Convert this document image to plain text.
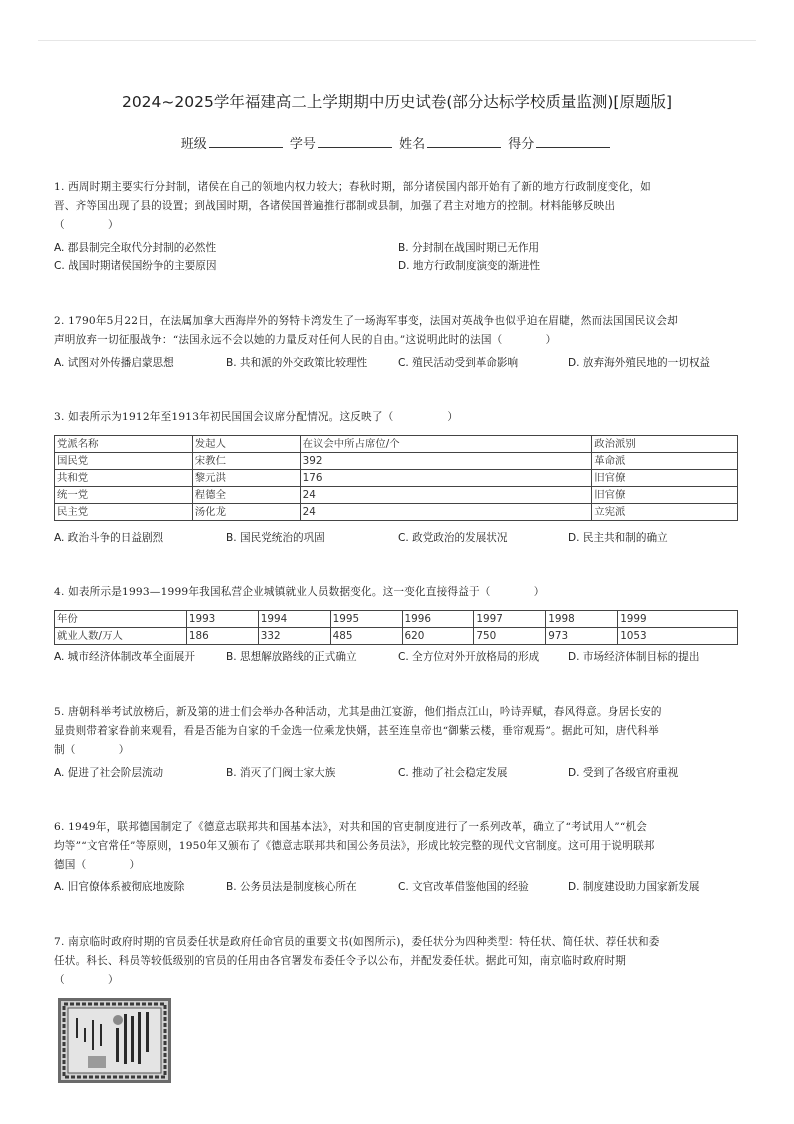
2024~2025学年福建高二上学期期中历史试卷(部分达标学校质量监测)[原题版]
班级	学号	姓名	得分
1. 西周时期主要实行分封制，诸侯在自己的领地内权力较大；春秋时期，部分诸侯国内部开始有了新的地方行政制度变化，如
晋、齐等国出现了县的设置；到战国时期，各诸侯国普遍推行郡制或县制，加强了君主对地方的控制。材料能够反映出
（　　　　）
A. 郡县制完全取代分封制的必然性	B. 分封制在战国时期已无作用
C. 战国时期诸侯国纷争的主要原因	D. 地方行政制度演变的渐进性
2. 1790年5月22日，在法属加拿大西海岸外的努特卡湾发生了一场海军事变，法国对英战争也似乎迫在眉睫，然而法国国民议会却
声明放弃一切征服战争：“法国永远不会以她的力量反对任何人民的自由。”这说明此时的法国（　　　　）
A. 试图对外传播启蒙思想	B. 共和派的外交政策比较理性	C. 殖民活动受到革命影响	D. 放弃海外殖民地的一切权益
3. 如表所示为1912年至1913年初民国国会议席分配情况。这反映了（　　　　　）
党派名称	发起人	在议会中所占席位/个	政治派别
国民党	宋教仁	392	革命派
共和党	黎元洪	176	旧官僚
统一党	程德全	24	旧官僚
民主党	汤化龙	24	立宪派
A. 政治斗争的日益剧烈	B. 国民党统治的巩固	C. 政党政治的发展状况	D. 民主共和制的确立
4. 如表所示是1993—1999年我国私营企业城镇就业人员数据变化。这一变化直接得益于（　　　　）
年份	1993	1994	1995	1996	1997	1998	1999
就业人数/万人	186	332	485	620	750	973	1053
A. 城市经济体制改革全面展开	B. 思想解放路线的正式确立	C. 全方位对外开放格局的形成	D. 市场经济体制目标的提出
5. 唐朝科举考试放榜后，新及第的进士们会举办各种活动，尤其是曲江宴游，他们指点江山，吟诗弄赋，春风得意。身居长安的
显贵则带着家眷前来观看，看是否能为自家的千金选一位乘龙快婿，甚至连皇帝也“御紫云楼，垂帘观焉”。据此可知，唐代科举
制（　　　　）
A. 促进了社会阶层流动	B. 消灭了门阀士家大族	C. 推动了社会稳定发展	D. 受到了各级官府重视
6. 1949年，联邦德国制定了《德意志联邦共和国基本法》，对共和国的官吏制度进行了一系列改革，确立了“考试用人”“机会
均等”“文官常任”等原则，1950年又颁布了《德意志联邦共和国公务员法》，形成比较完整的现代文官制度。这可用于说明联邦
德国（　　　　）
A. 旧官僚体系被彻底地废除	B. 公务员法是制度核心所在	C. 文官改革借鉴他国的经验	D. 制度建设助力国家新发展
7. 南京临时政府时期的官员委任状是政府任命官员的重要文书(如图所示)，委任状分为四种类型：特任状、简任状、荐任状和委
任状。科长、科员等较低级别的官员的任用由各官署发布委任令予以公布，并配发委任状。据此可知，南京临时政府时期
（　　　　）
